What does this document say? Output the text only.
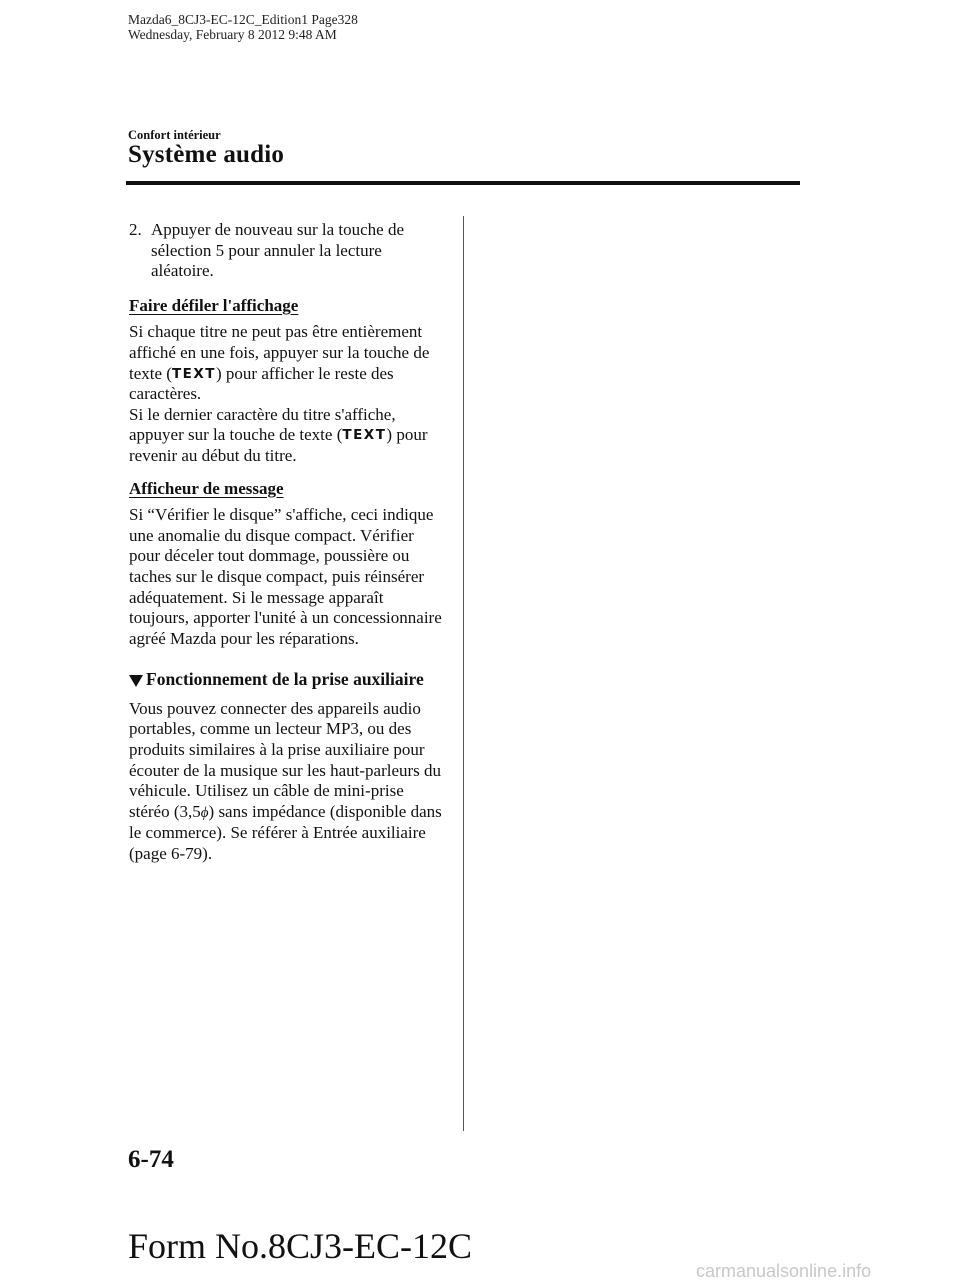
Mazda6_8CJ3-EC-12C_Edition1 Page328
Wednesday, February 8 2012 9:48 AM
Confort intérieur
Système audio
2. Appuyer de nouveau sur la touche de sélection 5 pour annuler la lecture aléatoire.
Faire défiler l'affichage

Si chaque titre ne peut pas être entièrement affiché en une fois, appuyer sur la touche de texte (TEXT) pour afficher le reste des caractères.

Si le dernier caractère du titre s'affiche, appuyer sur la touche de texte (TEXT) pour revenir au début du titre.

Afficheur de message

Si “Vérifier le disque” s'affiche, ceci indique une anomalie du disque compact. Vérifier pour déceler tout dommage, poussière ou taches sur le disque compact, puis réinsérer adéquatement. Si le message apparaît toujours, apporter l'unité à un concessionnaire agréé Mazda pour les réparations.

Fonctionnement de la prise auxiliaire

Vous pouvez connecter des appareils audio portables, comme un lecteur MP3, ou des produits similaires à la prise auxiliaire pour écouter de la musique sur les haut-parleurs du véhicule. Utilisez un câble de mini-prise stéréo (3,5ϕ) sans impédance (disponible dans le commerce). Se référer à Entrée auxiliaire (page 6-79).

6-74
Form No.8CJ3-EC-12C
carmanualsonline.info
